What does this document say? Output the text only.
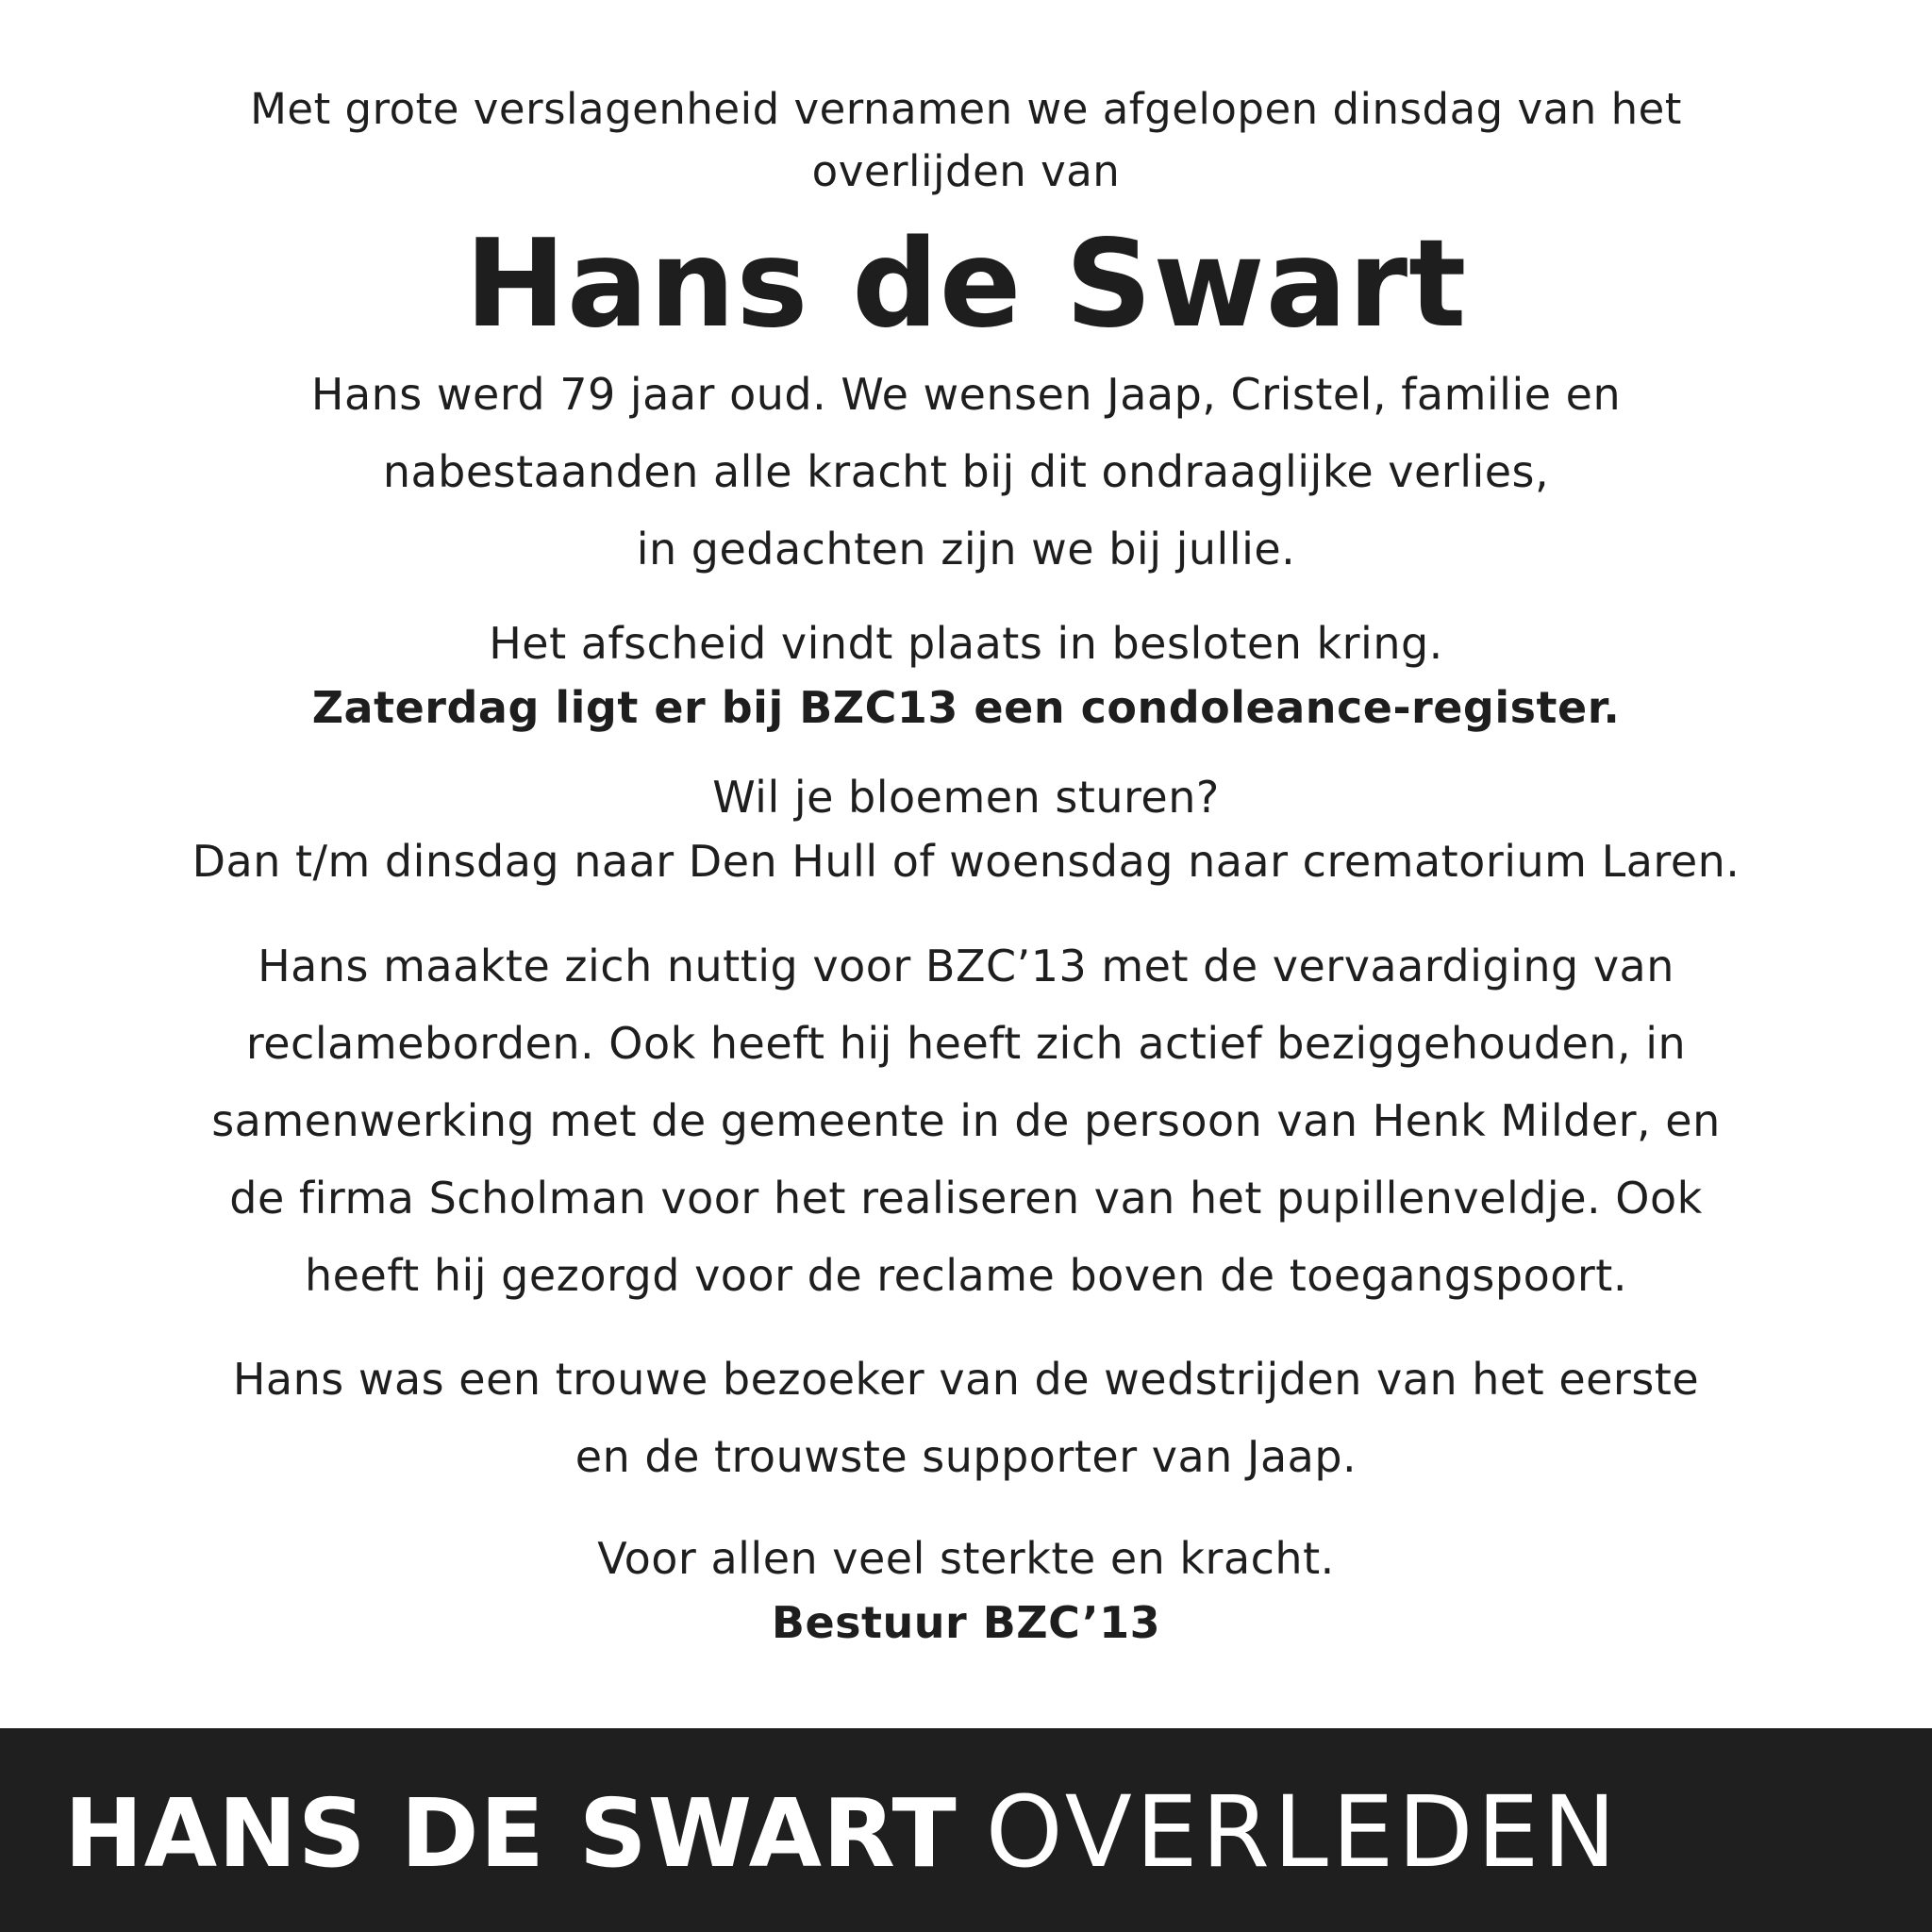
Met grote verslagenheid vernamen we afgelopen dinsdag van het
overlijden van
Hans de Swart
Hans werd 79 jaar oud. We wensen Jaap, Cristel, familie en
nabestaanden alle kracht bij dit ondraaglijke verlies,
in gedachten zijn we bij jullie.
Het afscheid vindt plaats in besloten kring.
Zaterdag ligt er bij BZC13 een condoleance-register.
Wil je bloemen sturen?
Dan t/m dinsdag naar Den Hull of woensdag naar crematorium Laren.
Hans maakte zich nuttig voor BZC’13 met de vervaardiging van
reclameborden. Ook heeft hij heeft zich actief beziggehouden, in
samenwerking met de gemeente in de persoon van Henk Milder, en
de firma Scholman voor het realiseren van het pupillenveldje. Ook
heeft hij gezorgd voor de reclame boven de toegangspoort.
Hans was een trouwe bezoeker van de wedstrijden van het eerste
en de trouwste supporter van Jaap.
Voor allen veel sterkte en kracht.
Bestuur BZC’13
HANS DE SWART OVERLEDEN
